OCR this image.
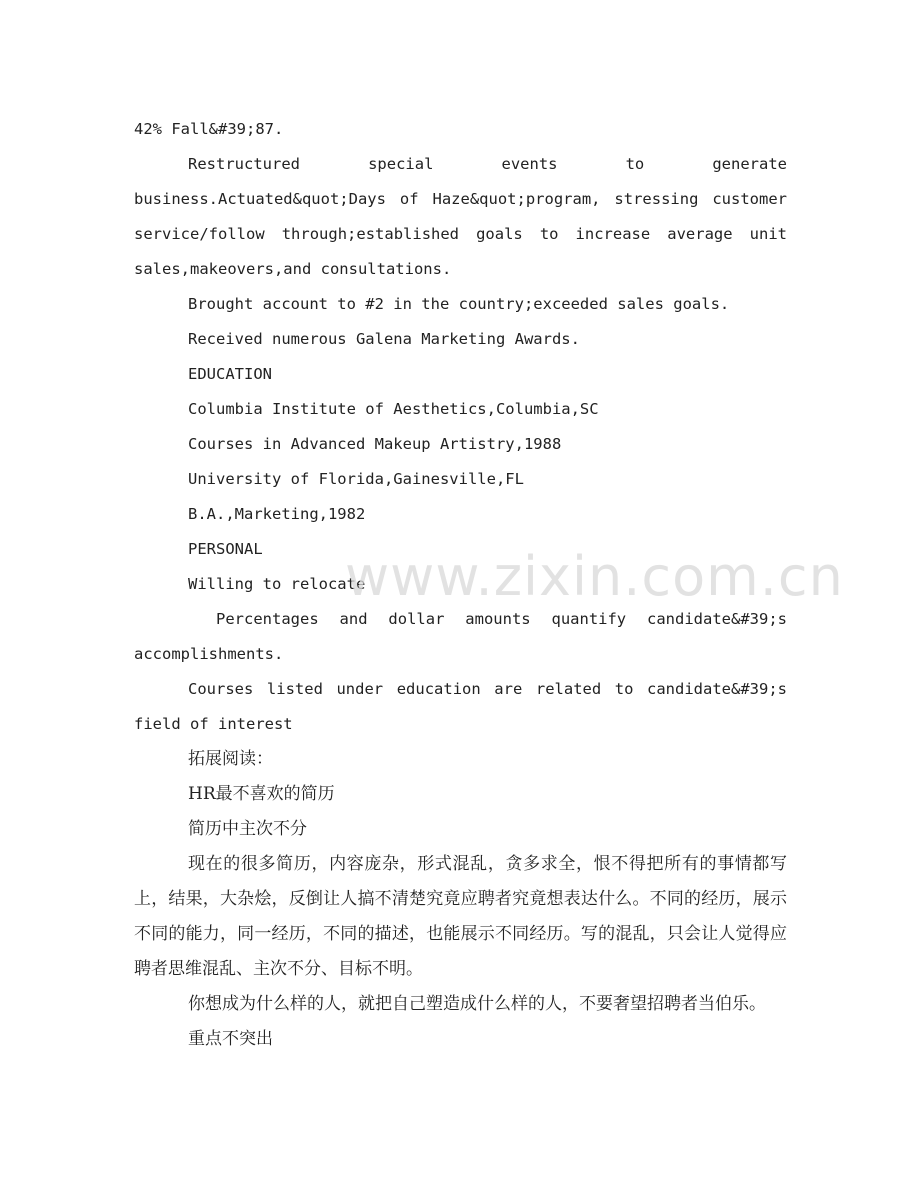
42% Fall&#39;87.

Restructured special events to generate business.Actuated&quot;Days of Haze&quot;program, stressing customer service/follow through;established goals to increase average unit sales,makeovers,and consultations.

Brought account to #2 in the country;exceeded sales goals.

Received numerous Galena Marketing Awards.

EDUCATION

Columbia Institute of Aesthetics,Columbia,SC

Courses in Advanced Makeup Artistry,1988

University of Florida,Gainesville,FL

B.A.,Marketing,1982

PERSONAL

Willing to relocate

Percentages and dollar amounts quantify candidate&#39;s accomplishments.

Courses listed under education are related to candidate&#39;s field of interest

拓展阅读：

HR最不喜欢的简历

简历中主次不分

现在的很多简历，内容庞杂，形式混乱，贪多求全，恨不得把所有的事情都写上，结果，大杂烩，反倒让人搞不清楚究竟应聘者究竟想表达什么。不同的经历，展示不同的能力，同一经历，不同的描述，也能展示不同经历。写的混乱，只会让人觉得应聘者思维混乱、主次不分、目标不明。

你想成为什么样的人，就把自己塑造成什么样的人，不要奢望招聘者当伯乐。

重点不突出

www.zixin.com.cn
